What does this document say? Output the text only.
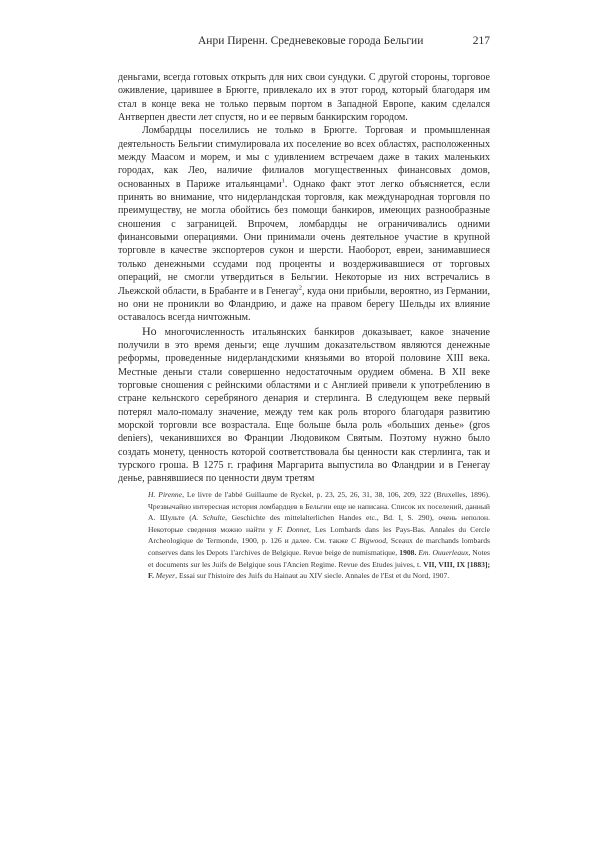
Анри Пиренн. Средневековые города Бельгии	217

деньгами, всегда готовых открыть для них свои сундуки. С другой стороны, торговое оживление, царившее в Брюгге, привлекало их в этот город, который благодаря им стал в конце века не только первым портом в Западной Европе, каким сделался Антверпен двести лет спустя, но и ее первым банкирским городом.

Ломбардцы поселились не только в Брюгге. Торговая и промышленная деятельность Бельгии стимулировала их поселение во всех областях, расположенных между Маасом и морем, и мы с удивлением встречаем даже в таких маленьких городах, как Лео, наличие филиалов могущественных финансовых домов, основанных в Париже итальянцами$^1$. Однако факт этот легко объясняется, если принять во внимание, что нидерландская торговля, как международная торговля по преимуществу, не могла обойтись без помощи банкиров, имеющих разнообразные сношения с заграницей. Впрочем, ломбардцы не ограничивались одними финансовыми операциями. Они принимали очень деятельное участие в крупной торговле в качестве экспортеров сукон и шерсти. Наоборот, евреи, занимавшиеся только денежными ссудами под проценты и воздерживавшиеся от торговых операций, не смогли утвердиться в Бельгии. Некоторые из них встречались в Льежской области, в Брабанте и в Генегау$^2$, куда они прибыли, вероятно, из Германии, но они не проникли во Фландрию, и даже на правом берегу Шельды их влияние оставалось всегда ничтожным.

Но многочисленность итальянских банкиров доказывает, какое значение получили в это время деньги; еще лучшим доказательством являются денежные реформы, проведенные нидерландскими князьями во второй половине XIII века. Местные деньги стали совершенно недостаточным орудием обмена. В XII веке торговые сношения с рейнскими областями и с Англией привели к употреблению в стране кельнского серебряного денария и стерлинга. В следующем веке первый потерял мало-помалу значение, между тем как роль второго благодаря развитию морской торговли все возрастала. Еще больше была роль «больших денье» (gros deniers), чеканившихся во Франции Людовиком Святым. Поэтому нужно было создать монету, ценность которой соответствовала бы ценности как стерлинга, так и турского гроша. В 1275 г. графиня Маргарита выпустила во Фландрии и в Генегау денье, равнявшиеся по ценности двум третям

H. Pirenne, Le livre de l'abbé Guillaume de Ryckel, p. 23, 25, 26, 31, 38, 106, 209, 322 (Bruxelles, 1896). Чрезвычайно интересная история ломбардцев в Бельгии еще не написана. Список их поселений, данный А. Шульте (A. Schulte, Geschichte des mittelalterlichen Handes etc., Bd. I, S. 290), очень неполон. Некоторые сведения можно найти у F. Donnet, Les Lombards dans les Pays-Bas. Annales du Cercle Archeologique de Termonde, 1900, p. 126 и далее. См. также C Bigwood, Sceaux de marchands lombards conserves dans les Depots 1'archives de Belgique. Revue beige de numismatique, 1908. Em. Ouuerleaux, Notes et documents sur les Juifs de Belgique sous l'Ancien Regime. Revue des Etudes juives, t. VII, VIII, IX [1883]; F. Meyer, Essai sur l'histoire des Juifs du Hainaut au XIV siecle. Annales de l'Est et du Nord, 1907.
